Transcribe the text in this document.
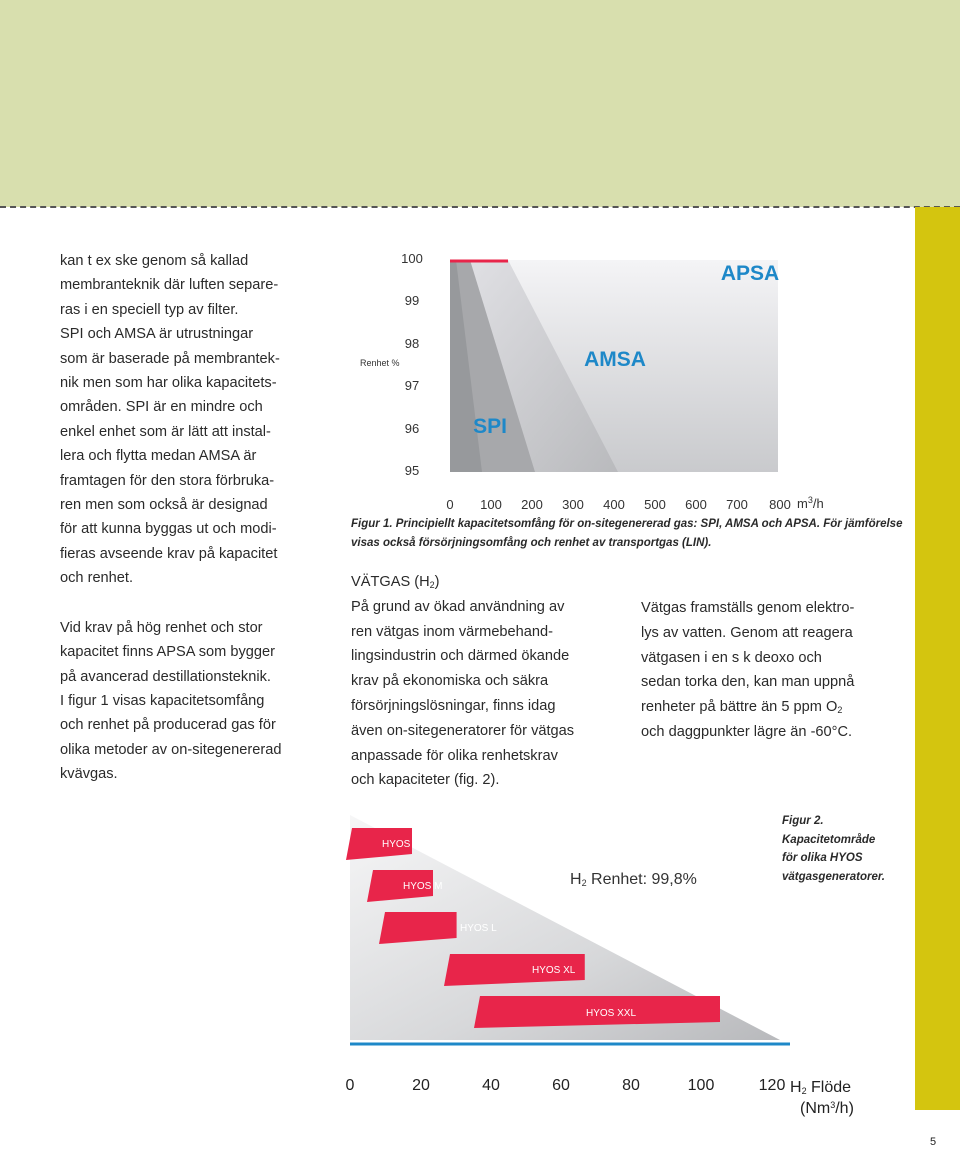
kan t ex ske genom så kallad
membranteknik där luften separe-
ras i en speciell typ av filter.
SPI och AMSA är utrustningar
som är baserade på membrantek-
nik men som har olika kapacitets-
områden. SPI är en mindre och
enkel enhet som är lätt att instal-
lera och flytta medan AMSA är
framtagen för den stora förbruka-
ren men som också är designad
för att kunna byggas ut och modi-
fieras avseende krav på kapacitet
och renhet.

Vid krav på hög renhet och stor
kapacitet finns APSA som bygger
på avancerad destillationsteknik.
I figur 1 visas kapacitetsomfång
och renhet på producerad gas för
olika metoder av on-sitegenererad
kvävgas.

APSA
AMSA
SPI
Renhet %
100
99
98
97
96
95
0 100 200 300 400 500 600 700 800 $m^3/h$
Figur 1. Principiellt kapacitetsomfång för on-sitegenererad gas: SPI, AMSA och APSA. För jämförelse visas också försörjningsomfång och renhet av transportgas (LIN).

VÄTGAS $(H_2)$

På grund av ökad användning av
ren vätgas inom värmebehand-
lingsindustrin och därmed ökande
krav på ekonomiska och säkra
försörjningslösningar, finns idag
även on-sitegeneratorer för vätgas
anpassade för olika renhetskrav
och kapaciteter (fig. 2).

Vätgas framställs genom elektro-
lys av vatten. Genom att reagera
vätgasen i en s k deoxo och
sedan torka den, kan man uppnå
renheter på bättre än 5 ppm $O_2$
och daggpunkter lägre än -60°C.

HYOS S
HYOS M
HYOS L
HYOS XL
HYOS XXL
$H_2$ Renhet: 99,8%
0	20	40	60	80	100	120 $H_2$ Flöde
(Nm$^3$/h)
Figur 2. Kapacitetområde för olika HYOS vätgasgeneratorer.
5
